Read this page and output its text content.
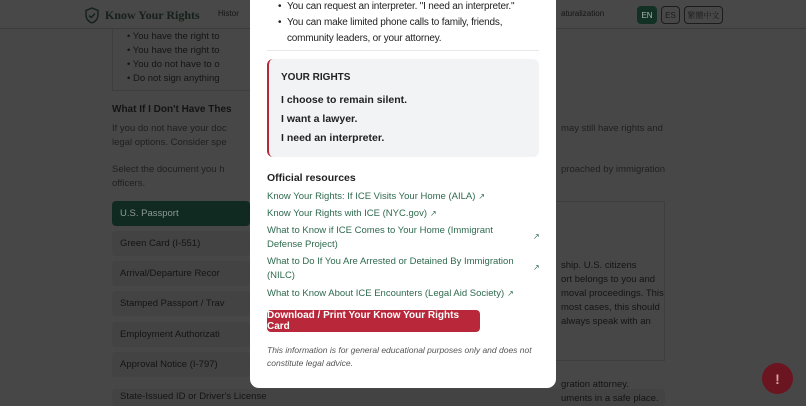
Know Your Rights Histor	aturalization	EN	ES	繁體中文
• You have the right to
• You have the right to
• You do not have to o
• Do not sign anything
What If I Don't Have Thes
If you do not have your doc
legal options. Consider spe
may still have rights and
Select the document you h
officers.
proached by immigration
U.S. Passport
Green Card (I-551)
Arrival/Departure Recor
Stamped Passport / Trav
Employment Authorizati
Approval Notice (I-797)
State-Issued ID or Driver's License
ship. U.S. citizens
ort belongs to you and
moval proceedings. This
most cases, this should
always speak with an
gration attorney.
uments in a safe place.
!
• You can request an interpreter. "I need an interpreter."
• You can make limited phone calls to family, friends,
community leaders, or your attorney.
YOUR RIGHTS
I choose to remain silent.
I want a lawyer.
I need an interpreter.
Official resources
Know Your Rights: If ICE Visits Your Home (AILA) ↗
Know Your Rights with ICE (NYC.gov) ↗
What to Know if ICE Comes to Your Home (Immigrant Defense Project)
↗
What to Do If You Are Arrested or Detained By Immigration (NILC)
↗
What to Know About ICE Encounters (Legal Aid Society) ↗
Download / Print Your Know Your Rights Card
This information is for general educational purposes only and does not constitute legal advice.
